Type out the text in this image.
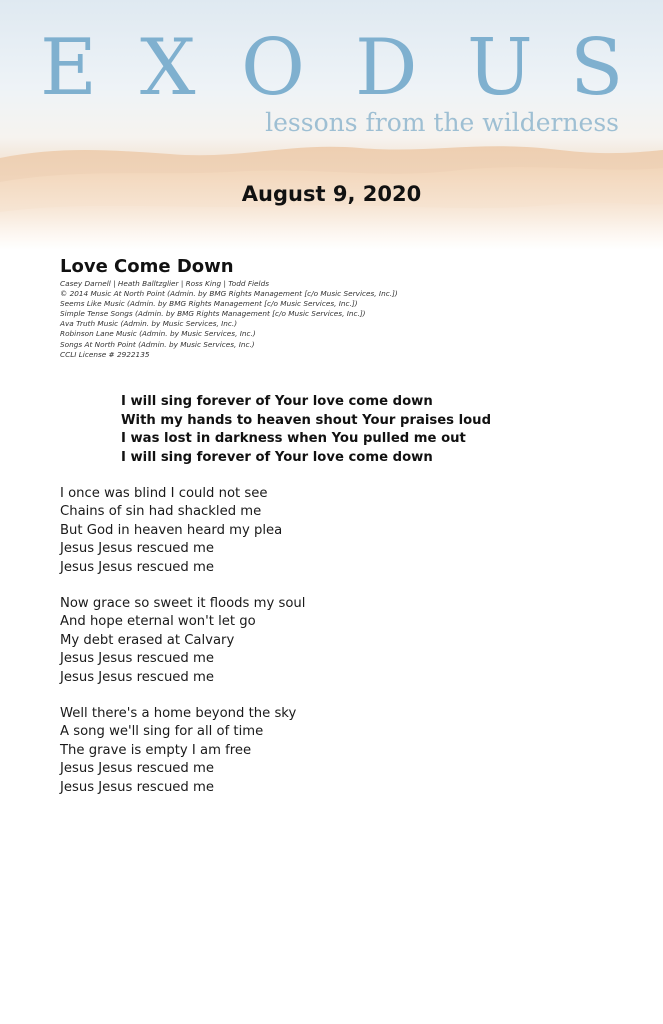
E X O D U S
lessons from the wilderness
August 9, 2020
Love Come Down
Casey Darnell | Heath Balltzglier | Ross King | Todd Fields
© 2014 Music At North Point (Admin. by BMG Rights Management [c/o Music Services, Inc.])
Seems Like Music (Admin. by BMG Rights Management [c/o Music Services, Inc.])
Simple Tense Songs (Admin. by BMG Rights Management [c/o Music Services, Inc.])
Ava Truth Music (Admin. by Music Services, Inc.)
Robinson Lane Music (Admin. by Music Services, Inc.)
Songs At North Point (Admin. by Music Services, Inc.)
CCLI License # 2922135
I will sing forever of Your love come down
With my hands to heaven shout Your praises loud
I was lost in darkness when You pulled me out
I will sing forever of Your love come down
I once was blind I could not see
Chains of sin had shackled me
But God in heaven heard my plea
Jesus Jesus rescued me
Jesus Jesus rescued me
Now grace so sweet it floods my soul
And hope eternal won't let go
My debt erased at Calvary
Jesus Jesus rescued me
Jesus Jesus rescued me
Well there's a home beyond the sky
A song we'll sing for all of time
The grave is empty I am free
Jesus Jesus rescued me
Jesus Jesus rescued me
